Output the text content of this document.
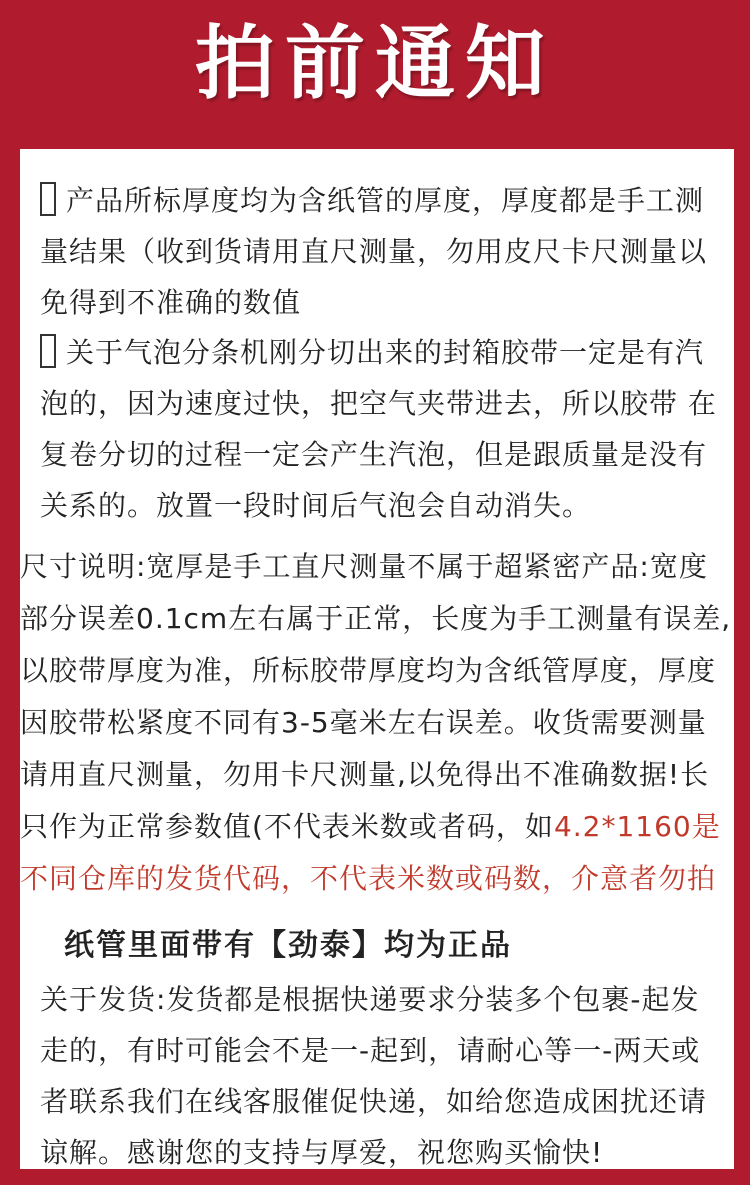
拍前通知

产品所标厚度均为含纸管的厚度，厚度都是手工测量结果（收到货请用直尺测量，勿用皮尺卡尺测量以免得到不准确的数值

关于气泡分条机刚分切出来的封箱胶带一定是有汽泡的，因为速度过快，把空气夹带进去，所以胶带 在复卷分切的过程一定会产生汽泡，但是跟质量是没有关系的。放置一段时间后气泡会自动消失。

尺寸说明:宽厚是手工直尺测量不属于超紧密产品:宽度部分误差0.1cm左右属于正常，长度为手工测量有误差,以胶带厚度为准，所标胶带厚度均为含纸管厚度，厚度因胶带松紧度不同有3-5毫米左右误差。收货需要测量请用直尺测量，勿用卡尺测量,以免得出不准确数据!长只作为正常参数值(不代表米数或者码，如4.2*1160是不同仓库的发货代码，不代表米数或码数，介意者勿拍

纸管里面带有【劲泰】均为正品

关于发货:发货都是根据快递要求分装多个包裹-起发走的，有时可能会不是一-起到，请耐心等一-两天或者联系我们在线客服催促快递，如给您造成困扰还请谅解。感谢您的支持与厚爱，祝您购买愉快!
